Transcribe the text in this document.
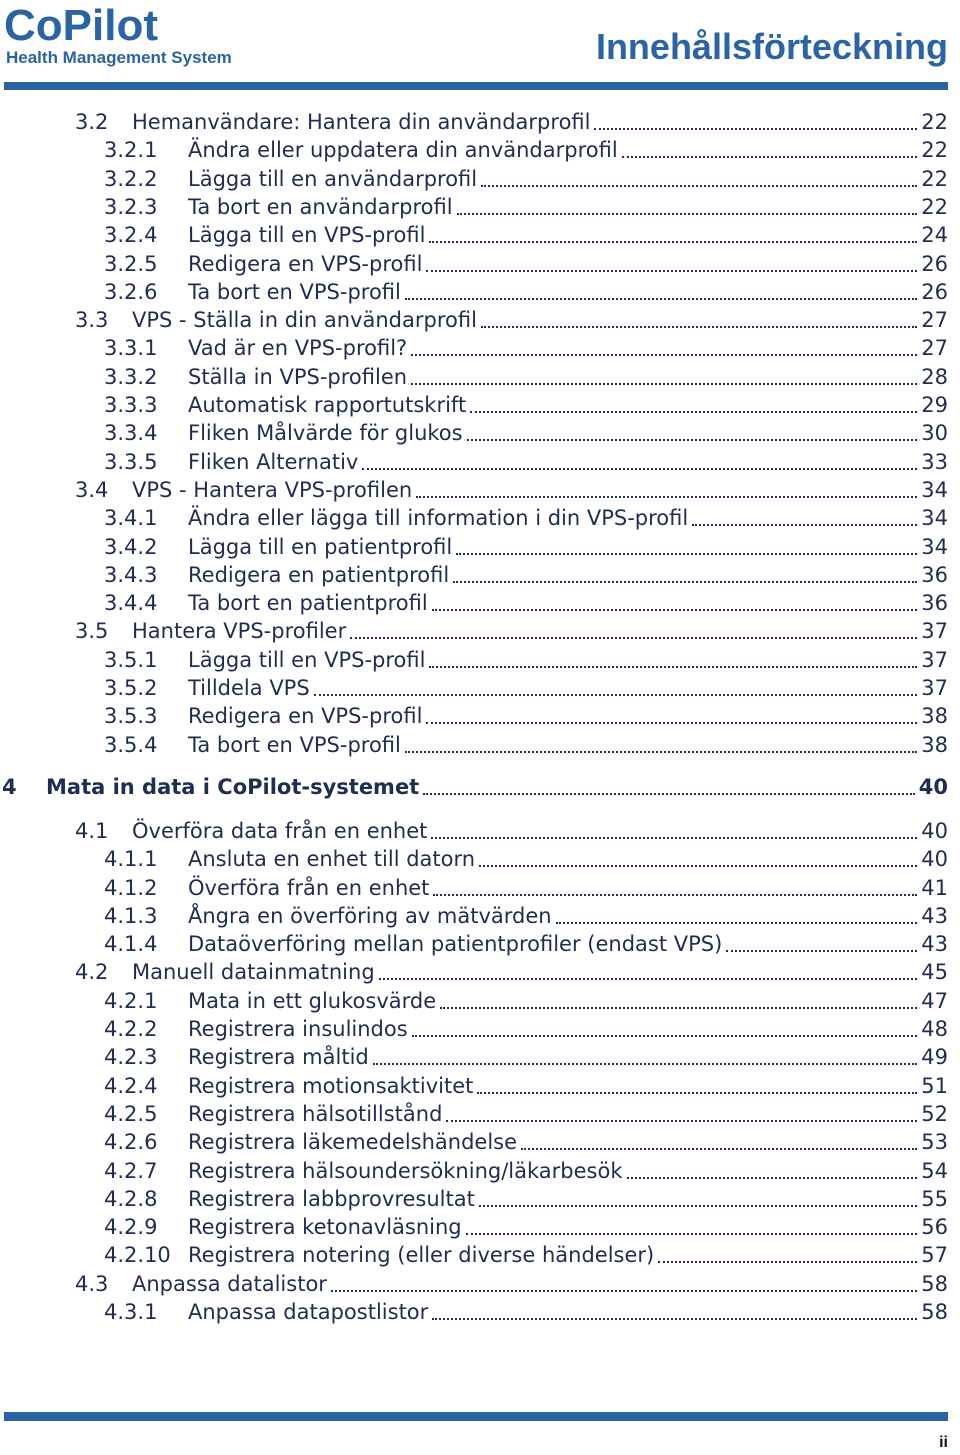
CoPilot
Health Management System	Innehållsförteckning
3.2 Hemanvändare: Hantera din användarprofil	22
3.2.1 Ändra eller uppdatera din användarprofil	22
3.2.2 Lägga till en användarprofil	22
3.2.3 Ta bort en användarprofil	22
3.2.4 Lägga till en VPS-profil	24
3.2.5 Redigera en VPS-profil	26
3.2.6 Ta bort en VPS-profil	26
3.3 VPS - Ställa in din användarprofil	27
3.3.1 Vad är en VPS-profil?	27
3.3.2 Ställa in VPS-profilen	28
3.3.3 Automatisk rapportutskrift	29
3.3.4 Fliken Målvärde för glukos	30
3.3.5 Fliken Alternativ	33
3.4 VPS - Hantera VPS-profilen	34
3.4.1 Ändra eller lägga till information i din VPS-profil	34
3.4.2 Lägga till en patientprofil	34
3.4.3 Redigera en patientprofil	36
3.4.4 Ta bort en patientprofil	36
3.5 Hantera VPS-profiler	37
3.5.1 Lägga till en VPS-profil	37
3.5.2 Tilldela VPS	37
3.5.3 Redigera en VPS-profil	38
3.5.4 Ta bort en VPS-profil	38
4 Mata in data i CoPilot-systemet	40
4.1 Överföra data från en enhet	40
4.1.1 Ansluta en enhet till datorn	40
4.1.2 Överföra från en enhet	41
4.1.3 Ångra en överföring av mätvärden	43
4.1.4 Dataöverföring mellan patientprofiler (endast VPS)	43
4.2 Manuell datainmatning	45
4.2.1 Mata in ett glukosvärde	47
4.2.2 Registrera insulindos	48
4.2.3 Registrera måltid	49
4.2.4 Registrera motionsaktivitet	51
4.2.5 Registrera hälsotillstånd	52
4.2.6 Registrera läkemedelshändelse	53
4.2.7 Registrera hälsoundersökning/läkarbesök	54
4.2.8 Registrera labbprovresultat	55
4.2.9 Registrera ketonavläsning	56
4.2.10 Registrera notering (eller diverse händelser)	57
4.3 Anpassa datalistor	58
4.3.1 Anpassa datapostlistor	58
ii
